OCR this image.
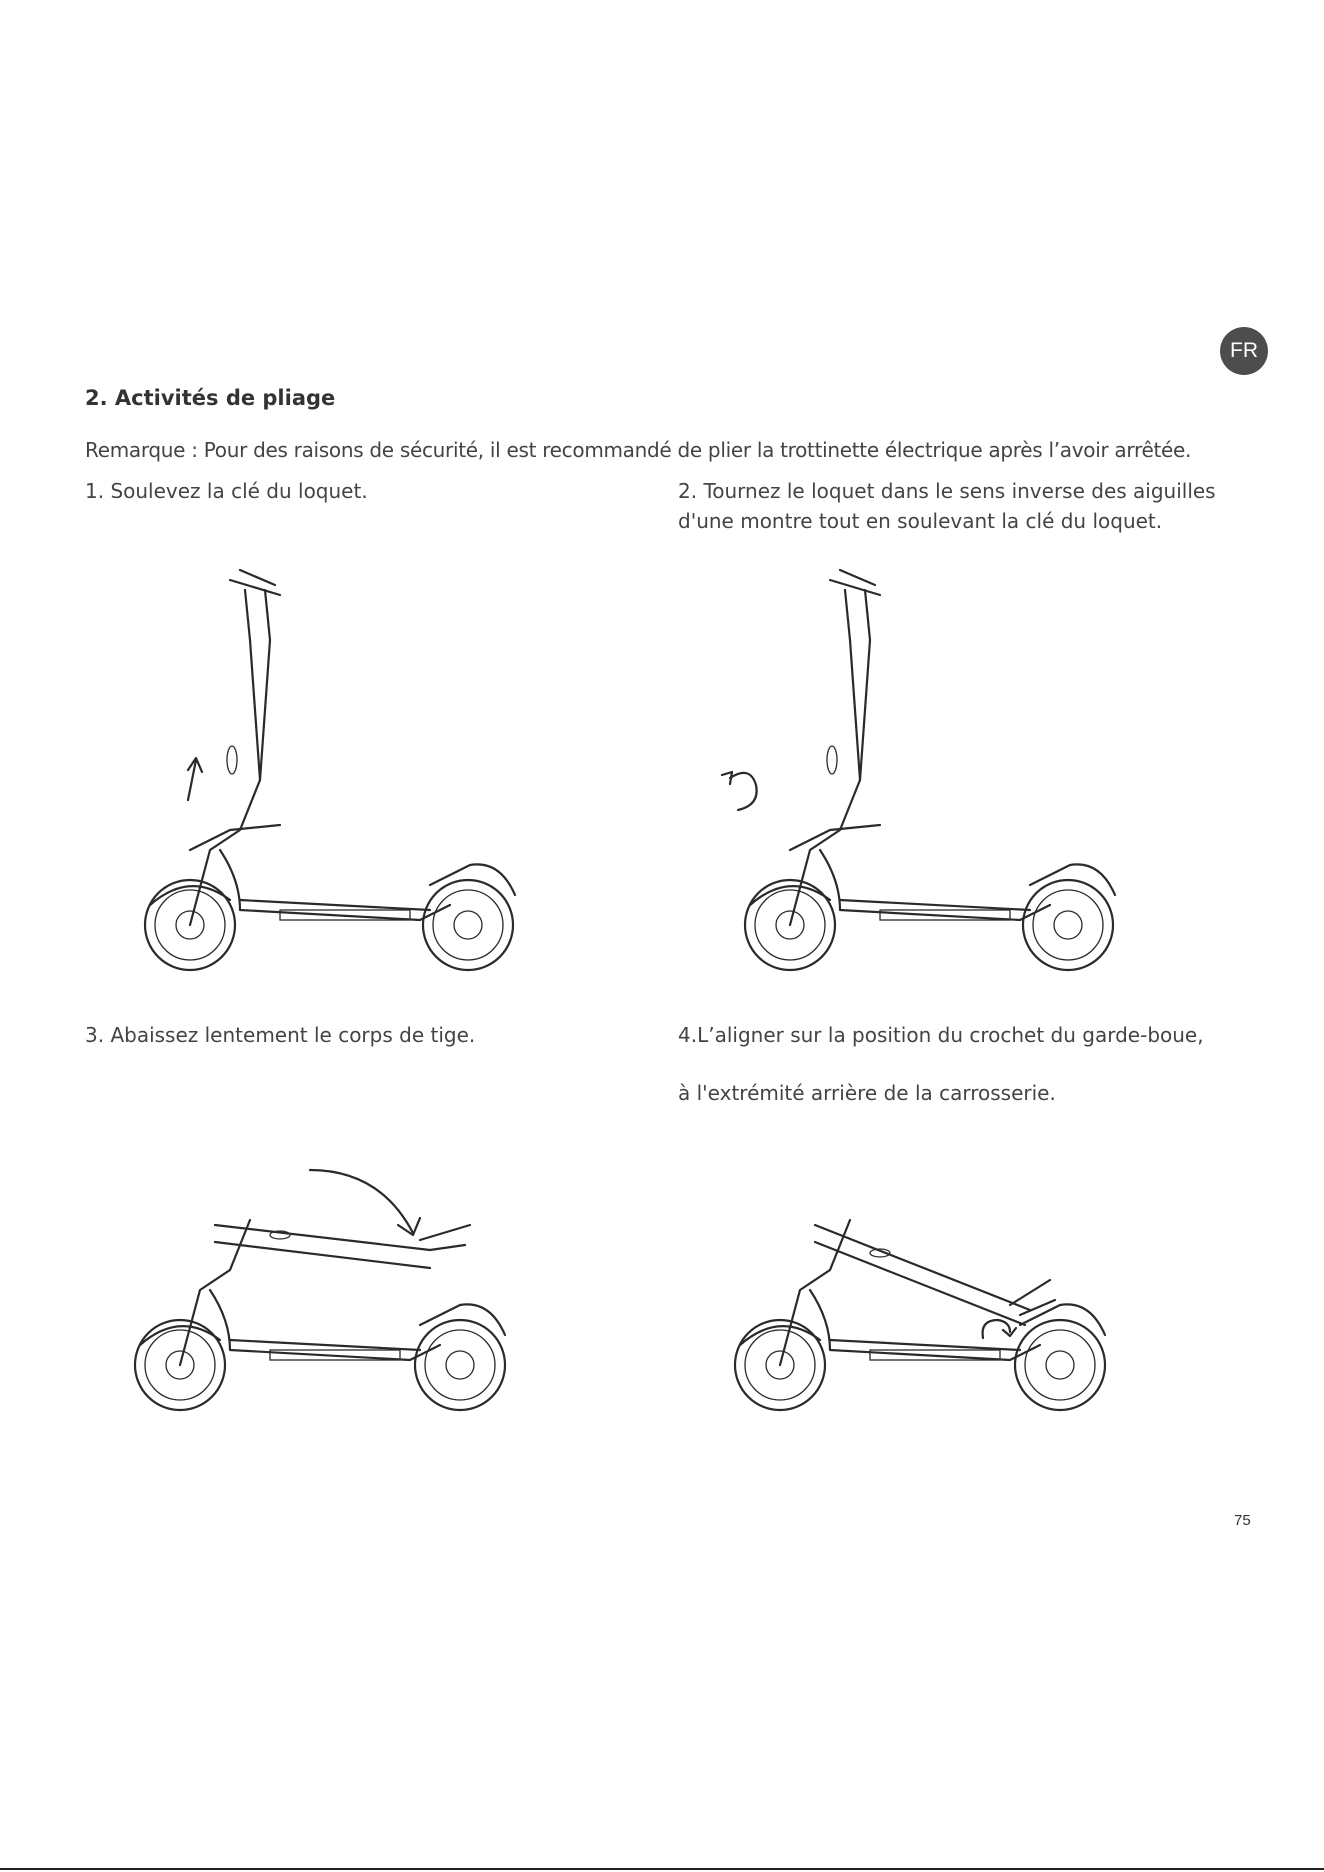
FR
2. Activités de pliage
Remarque : Pour des raisons de sécurité, il est recommandé de plier la trottinette électrique après l’avoir arrêtée.
1. Soulevez la clé du loquet.	2. Tournez le loquet dans le sens inverse des aiguilles
d'une montre tout en soulevant la clé du loquet.
3. Abaissez lentement le corps de tige.	4.L’aligner sur la position du crochet du garde-boue,
à l'extrémité arrière de la carrosserie.
75
